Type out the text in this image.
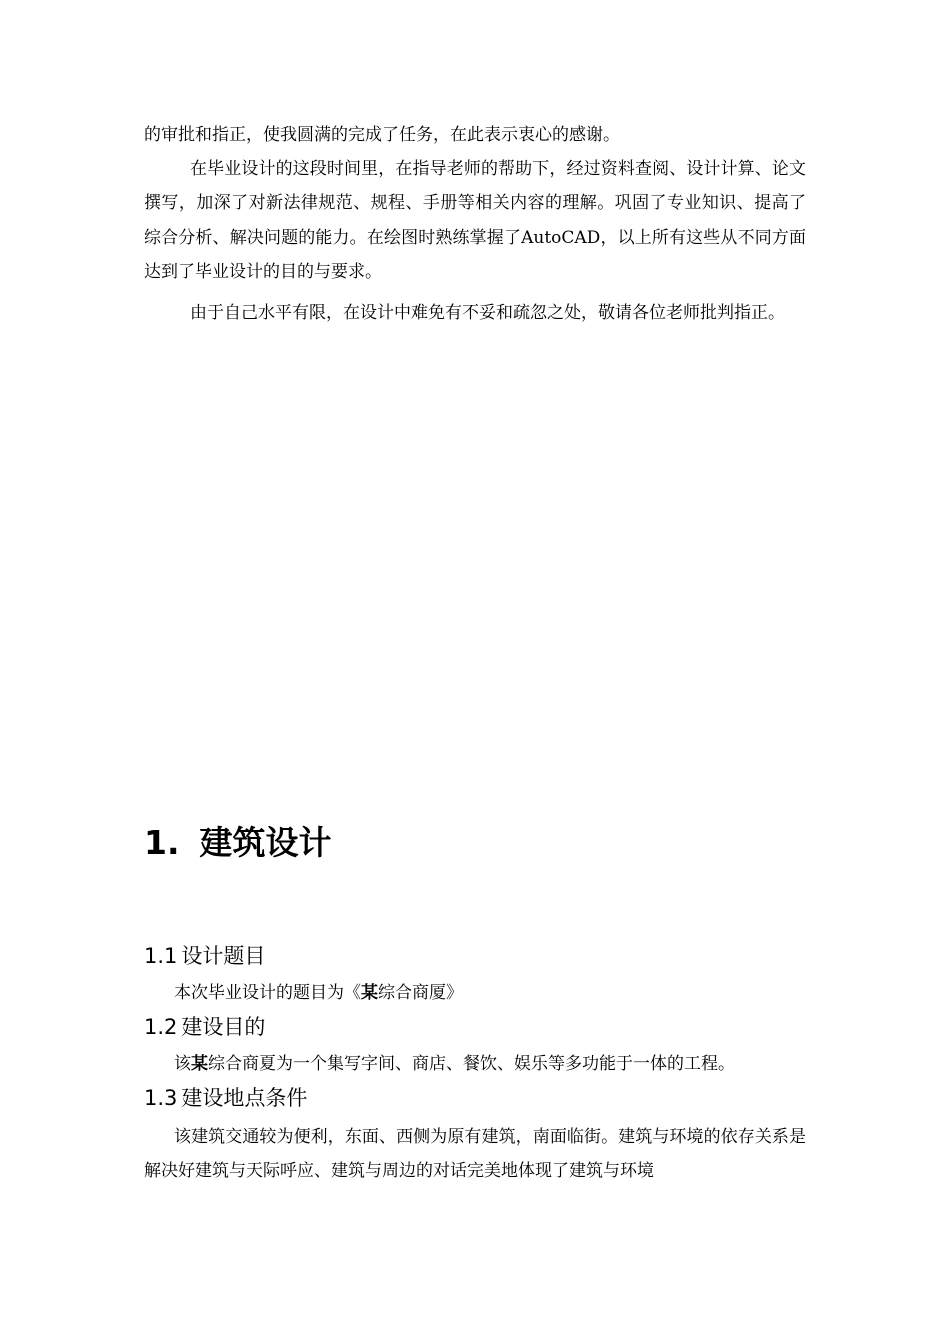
的审批和指正，使我圆满的完成了任务，在此表示衷心的感谢。

在毕业设计的这段时间里，在指导老师的帮助下，经过资料查阅、设计计算、论文撰写，加深了对新法律规范、规程、手册等相关内容的理解。巩固了专业知识、提高了综合分析、解决问题的能力。在绘图时熟练掌握了AutoCAD，以上所有这些从不同方面达到了毕业设计的目的与要求。

由于自己水平有限，在设计中难免有不妥和疏忽之处，敬请各位老师批判指正。

1. 建筑设计
1.1 设计题目

本次毕业设计的题目为《某综合商厦》

1.2 建设目的

该某综合商夏为一个集写字间、商店、餐饮、娱乐等多功能于一体的工程。

1.3 建设地点条件

该建筑交通较为便利，东面、西侧为原有建筑，南面临街。建筑与环境的依存关系是解决好建筑与天际呼应、建筑与周边的对话完美地体现了建筑与环境
